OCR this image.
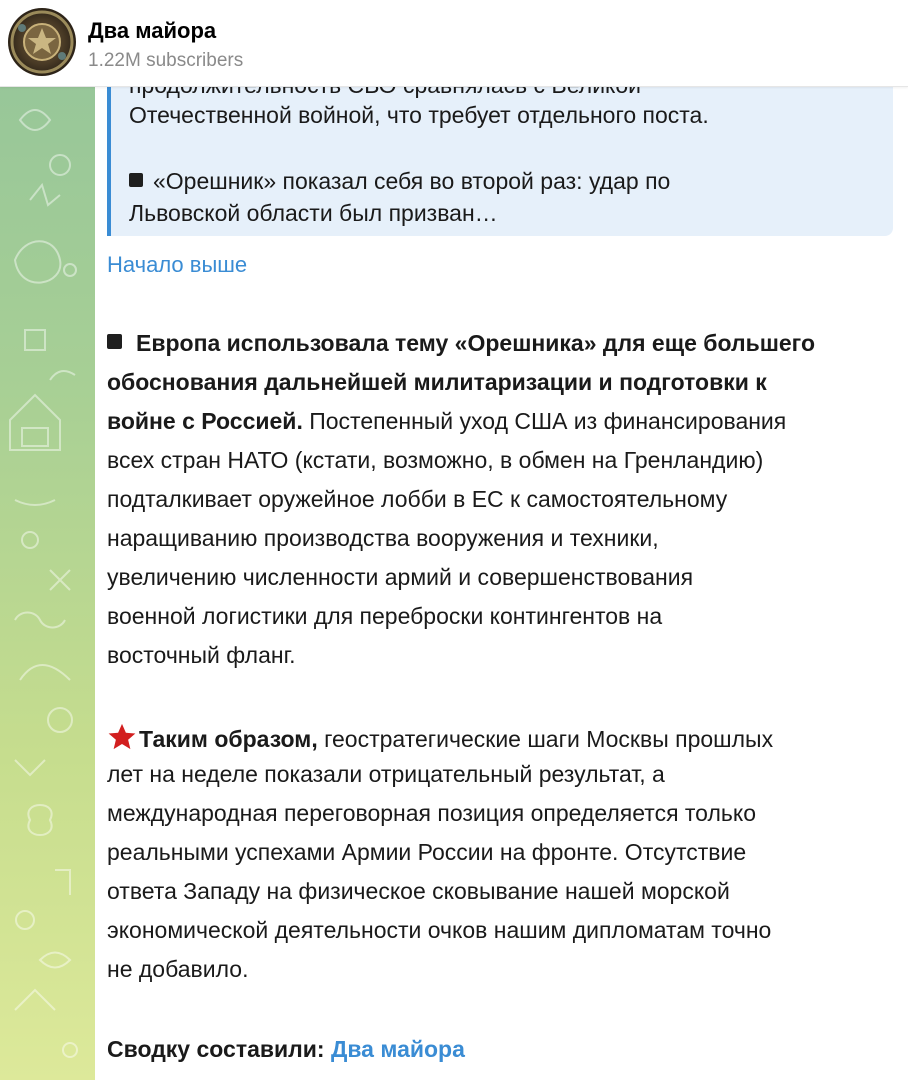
Два майора
1.22M subscribers
Отечественной войной, что требует отдельного поста.
«Орешник» показал себя во второй раз: удар по
Львовской области был призван…
Начало выше
Европа использовала тему «Орешника» для еще большего
обоснования дальнейшей милитаризации и подготовки к
войне с Россией. Постепенный уход США из финансирования
всех стран НАТО (кстати, возможно, в обмен на Гренландию)
подталкивает оружейное лобби в ЕС к самостоятельному
наращиванию производства вооружения и техники,
увеличению численности армий и совершенствования
военной логистики для переброски контингентов на
восточный фланг.
Таким образом, геостратегические шаги Москвы прошлых
лет на неделе показали отрицательный результат, а
международная переговорная позиция определяется только
реальными успехами Армии России на фронте. Отсутствие
ответа Западу на физическое сковывание нашей морской
экономической деятельности очков нашим дипломатам точно
не добавило.
Сводку составили: Два майора
